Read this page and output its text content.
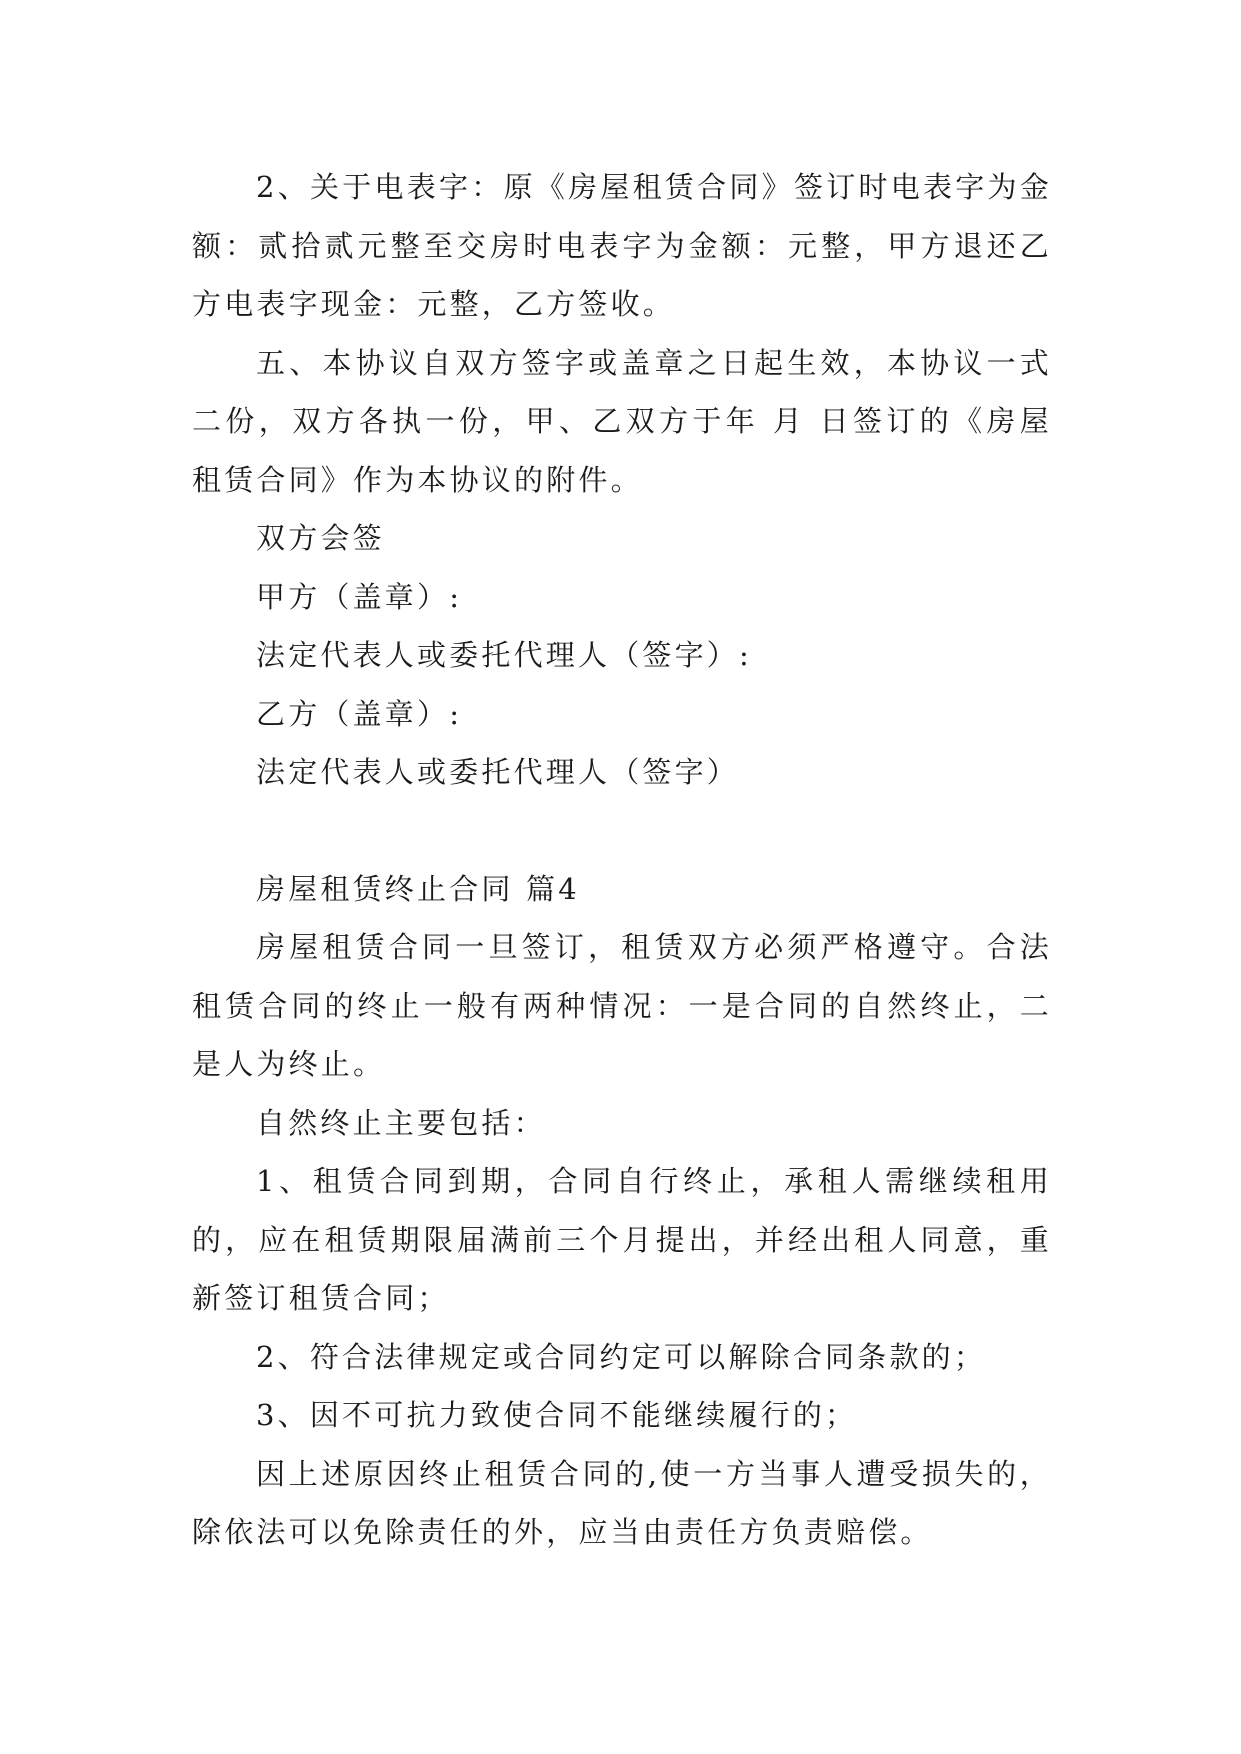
2、关于电表字：原《房屋租赁合同》签订时电表字为金额：贰拾贰元整至交房时电表字为金额：元整，甲方退还乙方电表字现金：元整，乙方签收。

五、本协议自双方签字或盖章之日起生效，本协议一式二份，双方各执一份，甲、乙双方于年 月 日签订的《房屋租赁合同》作为本协议的附件。

双方会签

甲方（盖章）:

法定代表人或委托代理人（签字）:

乙方（盖章）:

法定代表人或委托代理人（签字）

房屋租赁终止合同 篇4

房屋租赁合同一旦签订，租赁双方必须严格遵守。合法租赁合同的终止一般有两种情况：一是合同的自然终止，二是人为终止。

自然终止主要包括：

1、租赁合同到期，合同自行终止，承租人需继续租用的，应在租赁期限届满前三个月提出，并经出租人同意，重新签订租赁合同；

2、符合法律规定或合同约定可以解除合同条款的；

3、因不可抗力致使合同不能继续履行的；

因上述原因终止租赁合同的,使一方当事人遭受损失的，除依法可以免除责任的外，应当由责任方负责赔偿。
